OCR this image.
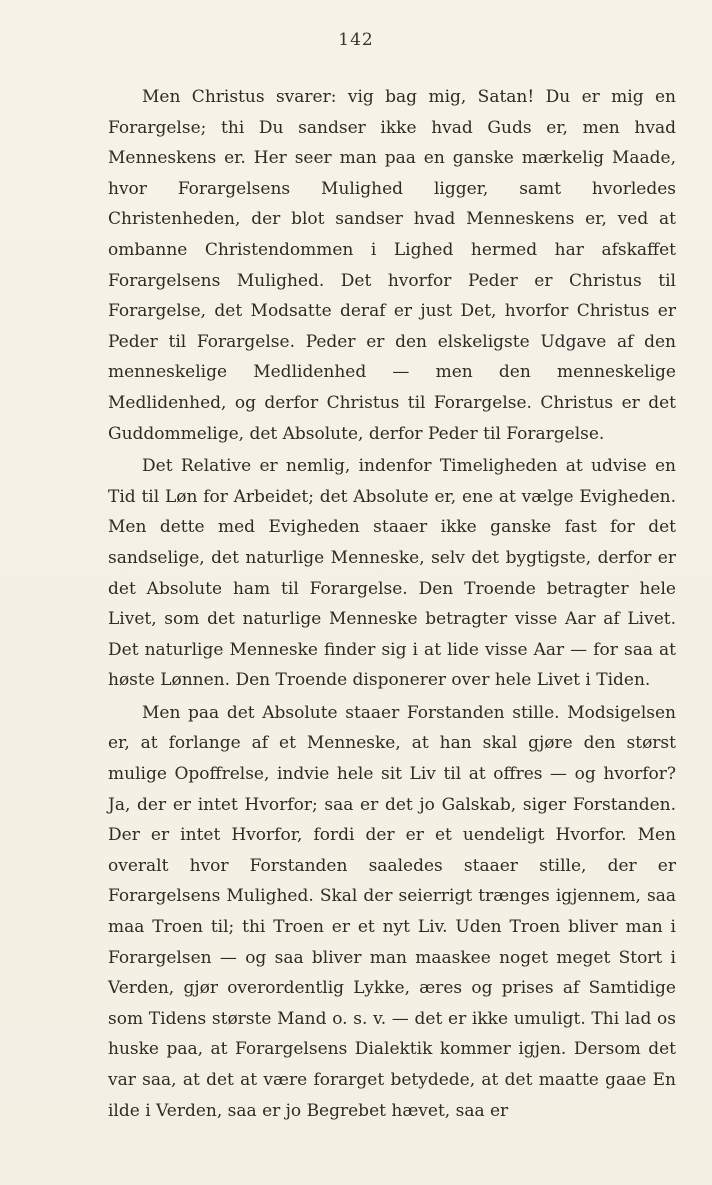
142

Men Christus svarer: vig bag mig, Satan! Du er mig en Forargelse; thi Du sandser ikke hvad Guds er, men hvad Menneskens er. Her seer man paa en ganske mærkelig Maade, hvor Forargelsens Mulighed ligger, samt hvorledes Christenheden, der blot sandser hvad Menneskens er, ved at ombanne Christendommen i Lighed hermed har afskaffet Forargelsens Mulighed. Det hvorfor Peder er Christus til Forargelse, det Modsatte deraf er just Det, hvorfor Christus er Peder til Forargelse. Peder er den elskeligste Udgave af den menneskelige Medlidenhed — men den menneskelige Medlidenhed, og derfor Christus til Forargelse. Christus er det Guddommelige, det Absolute, derfor Peder til Forargelse.

Det Relative er nemlig, indenfor Timeligheden at udvise en Tid til Løn for Arbeidet; det Absolute er, ene at vælge Evigheden. Men dette med Evigheden staaer ikke ganske fast for det sandselige, det naturlige Menneske, selv det bygtigste, derfor er det Absolute ham til Forargelse. Den Troende betragter hele Livet, som det naturlige Menneske betragter visse Aar af Livet. Det naturlige Menneske finder sig i at lide visse Aar — for saa at høste Lønnen. Den Troende disponerer over hele Livet i Tiden.

Men paa det Absolute staaer Forstanden stille. Modsigelsen er, at forlange af et Menneske, at han skal gjøre den størst mulige Opoffrelse, indvie hele sit Liv til at offres — og hvorfor? Ja, der er intet Hvorfor; saa er det jo Galskab, siger Forstanden. Der er intet Hvorfor, fordi der er et uendeligt Hvorfor. Men overalt hvor Forstanden saaledes staaer stille, der er Forargelsens Mulighed. Skal der seierrigt trænges igjennem, saa maa Troen til; thi Troen er et nyt Liv. Uden Troen bliver man i Forargelsen — og saa bliver man maaskee noget meget Stort i Verden, gjør overordentlig Lykke, æres og prises af Samtidige som Tidens største Mand o. s. v. — det er ikke umuligt. Thi lad os huske paa, at Forargelsens Dialektik kommer igjen. Dersom det var saa, at det at være forarget betydede, at det maatte gaae En ilde i Verden, saa er jo Begrebet hævet, saa er
